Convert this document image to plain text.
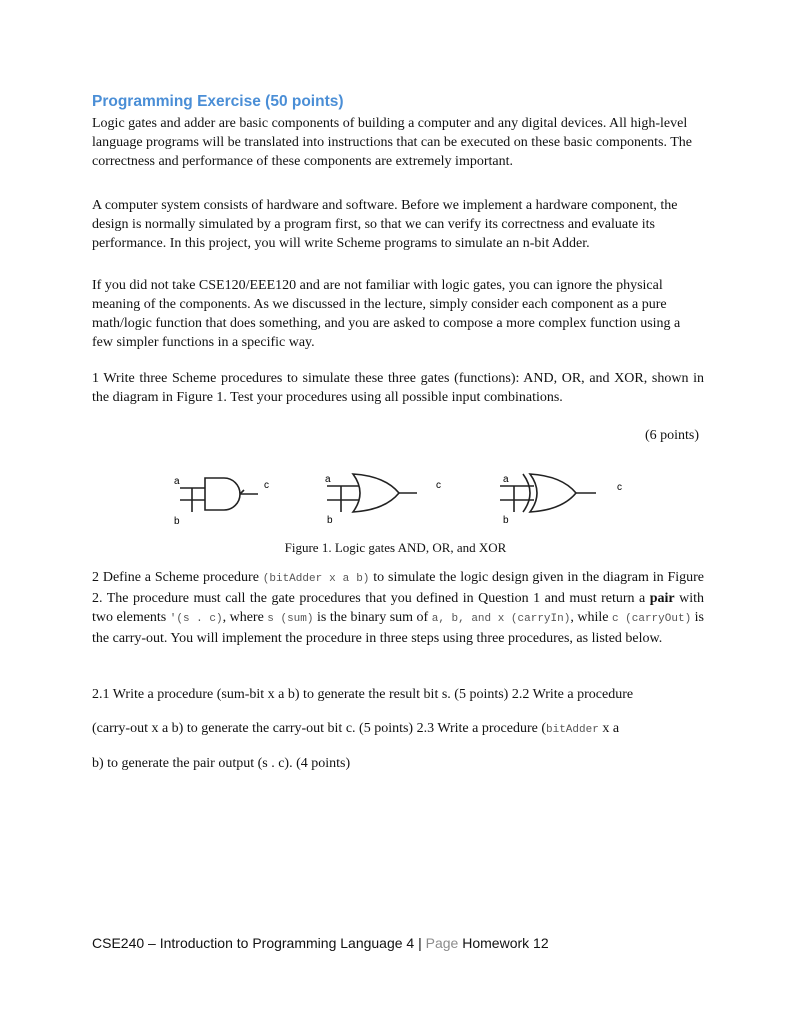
Programming Exercise (50 points)

Logic gates and adder are basic components of building a computer and any digital devices. All high-level language programs will be translated into instructions that can be executed on these basic components. The correctness and performance of these components are extremely important.

A computer system consists of hardware and software. Before we implement a hardware component, the design is normally simulated by a program first, so that we can verify its correctness and evaluate its performance. In this project, you will write Scheme programs to simulate an n-bit Adder.

If you did not take CSE120/EEE120 and are not familiar with logic gates, you can ignore the physical meaning of the components. As we discussed in the lecture, simply consider each component as a pure math/logic function that does something, and you are asked to compose a more complex function using a few simpler functions in a specific way.

1 Write three Scheme procedures to simulate these three gates (functions): AND, OR, and XOR, shown in the diagram in Figure 1. Test your procedures using all possible input combinations.

(6 points)
a
b
c
a
b
c
a
b
c
Figure 1. Logic gates AND, OR, and XOR

2 Define a Scheme procedure (bitAdder x a b) to simulate the logic design given in the diagram in Figure 2. The procedure must call the gate procedures that you defined in Question 1 and must return a pair with two elements '(s . c), where s (sum) is the binary sum of a, b, and x (carryIn), while c (carryOut) is the carry-out. You will implement the procedure in three steps using three procedures, as listed below.

2.1 Write a procedure (sum-bit x a b) to generate the result bit s. (5 points) 2.2 Write a procedure
(carry-out x a b) to generate the carry-out bit c. (5 points) 2.3 Write a procedure (bitAdder x a
b) to generate the pair output (s . c). (4 points)
CSE240 – Introduction to Programming Language 4 | Page Homework 12
